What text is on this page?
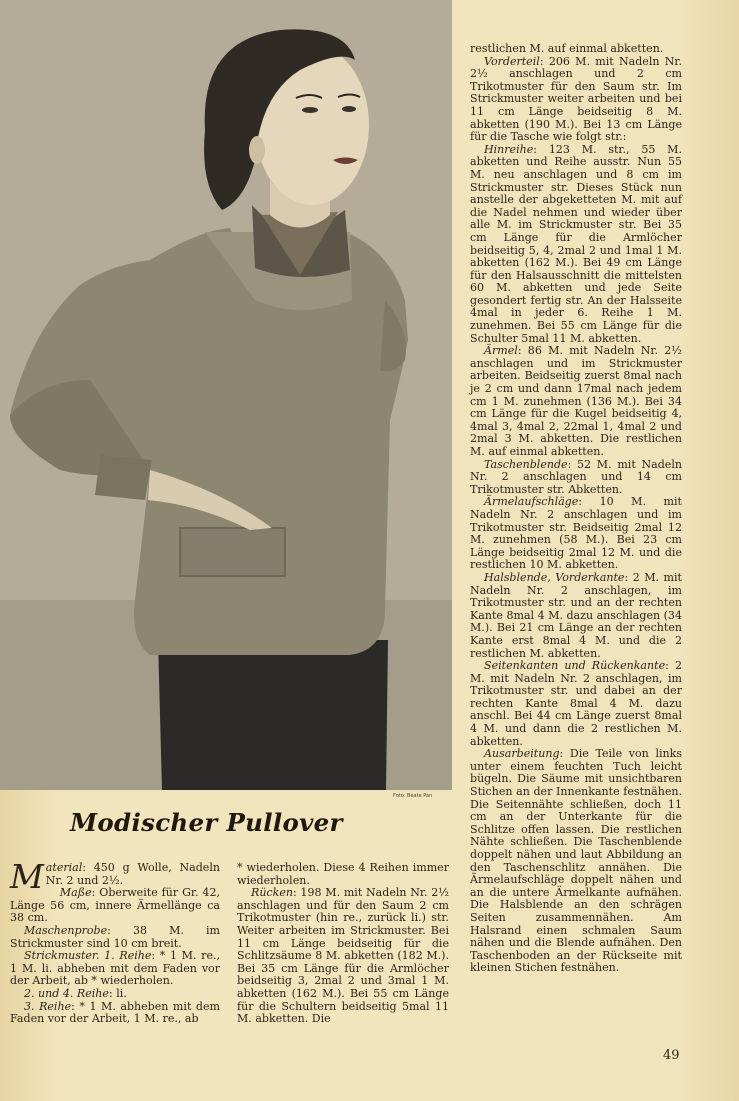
Foto: Beate Pan
Modischer Pullover

Material: 450 g Wolle, Nadeln Nr. 2 und 2½.

Maße: Oberweite für Gr. 42, Länge 56 cm, innere Ärmellänge ca 38 cm.

Maschenprobe: 38 M. im Strickmuster sind 10 cm breit.

Strickmuster. 1. Reihe: * 1 M. re., 1 M. li. abheben mit dem Faden vor der Arbeit, ab * wiederholen.

2. und 4. Reihe: li.

3. Reihe: * 1 M. abheben mit dem Faden vor der Arbeit, 1 M. re., ab

* wiederholen. Diese 4 Reihen immer wiederholen.

Rücken: 198 M. mit Nadeln Nr. 2½ anschlagen und für den Saum 2 cm Trikotmuster (hin re., zurück li.) str. Weiter arbeiten im Strickmuster. Bei 11 cm Länge beidseitig für die Schlitzsäume 8 M. abketten (182 M.). Bei 35 cm Länge für die Armlöcher beidseitig 3, 2mal 2 und 3mal 1 M. abketten (162 M.). Bei 55 cm Länge für die Schultern beidseitig 5mal 11 M. abketten. Die

restlichen M. auf einmal abketten.

Vorderteil: 206 M. mit Nadeln Nr. 2½ anschlagen und 2 cm Trikotmuster für den Saum str. Im Strickmuster weiter arbeiten und bei 11 cm Länge beidseitig 8 M. abketten (190 M.). Bei 13 cm Länge für die Tasche wie folgt str.:

Hinreihe: 123 M. str., 55 M. abketten und Reihe ausstr. Nun 55 M. neu anschlagen und 8 cm im Strickmuster str. Dieses Stück nun anstelle der abgeketteten M. mit auf die Nadel nehmen und wieder über alle M. im Strickmuster str. Bei 35 cm Länge für die Armlöcher beidseitig 5, 4, 2mal 2 und 1mal 1 M. abketten (162 M.). Bei 49 cm Länge für den Halsausschnitt die mittelsten 60 M. abketten und jede Seite gesondert fertig str. An der Halsseite 4mal in jeder 6. Reihe 1 M. zunehmen. Bei 55 cm Länge für die Schulter 5mal 11 M. abketten.

Ärmel: 86 M. mit Nadeln Nr. 2½ anschlagen und im Strickmuster arbeiten. Beidseitig zuerst 8mal nach je 2 cm und dann 17mal nach jedem cm 1 M. zunehmen (136 M.). Bei 34 cm Länge für die Kugel beidseitig 4, 4mal 3, 4mal 2, 22mal 1, 4mal 2 und 2mal 3 M. abketten. Die restlichen M. auf einmal abketten.

Taschenblende: 52 M. mit Nadeln Nr. 2 anschlagen und 14 cm Trikotmuster str. Abketten.

Ärmelaufschläge: 10 M. mit Nadeln Nr. 2 anschlagen und im Trikotmuster str. Beidseitig 2mal 12 M. zunehmen (58 M.). Bei 23 cm Länge beidseitig 2mal 12 M. und die restlichen 10 M. abketten.

Halsblende, Vorderkante: 2 M. mit Nadeln Nr. 2 anschlagen, im Trikotmuster str. und an der rechten Kante 8mal 4 M. dazu anschlagen (34 M.). Bei 21 cm Länge an der rechten Kante erst 8mal 4 M. und die 2 restlichen M. abketten.

Seitenkanten und Rückenkante: 2 M. mit Nadeln Nr. 2 anschlagen, im Trikotmuster str. und dabei an der rechten Kante 8mal 4 M. dazu anschl. Bei 44 cm Länge zuerst 8mal 4 M. und dann die 2 restlichen M. abketten.

Ausarbeitung: Die Teile von links unter einem feuchten Tuch leicht bügeln. Die Säume mit unsichtbaren Stichen an der Innenkante festnähen. Die Seitennähte schließen, doch 11 cm an der Unterkante für die Schlitze offen lassen. Die restlichen Nähte schließen. Die Taschenblende doppelt nähen und laut Abbildung an den Taschenschlitz annähen. Die Ärmelaufschläge doppelt nähen und an die untere Ärmelkante aufnähen. Die Halsblende an den schrägen Seiten zusammennähen. Am Halsrand einen schmalen Saum nähen und die Blende aufnähen. Den Taschenboden an der Rückseite mit kleinen Stichen festnähen.

49
